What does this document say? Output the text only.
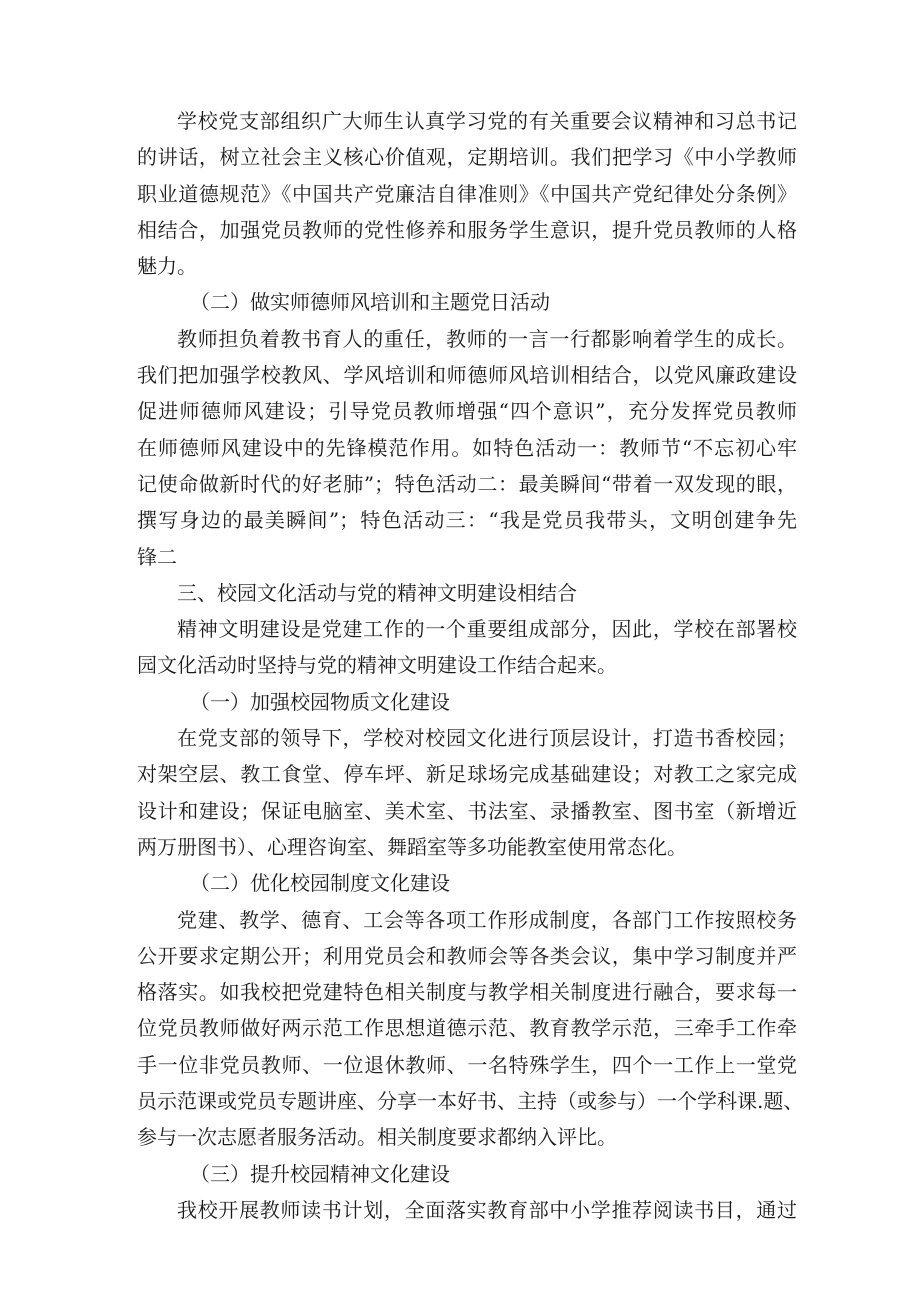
学校党支部组织广大师生认真学习党的有关重要会议精神和习总书记
的讲话，树立社会主义核心价值观，定期培训。我们把学习《中小学教师
职业道德规范》《中国共产党廉洁自律准则》《中国共产党纪律处分条例》
相结合，加强党员教师的党性修养和服务学生意识，提升党员教师的人格
魅力。
（二）做实师德师风培训和主题党日活动
教师担负着教书育人的重任，教师的一言一行都影响着学生的成长。
我们把加强学校教风、学风培训和师德师风培训相结合，以党风廉政建设
促进师德师风建设；引导党员教师增强“四个意识”，充分发挥党员教师
在师德师风建设中的先锋模范作用。如特色活动一：教师节“不忘初心牢
记使命做新时代的好老肺”；特色活动二：最美瞬间“带着一双发现的眼，
撰写身边的最美瞬间”；特色活动三：“我是党员我带头，文明创建争先
锋二
三、校园文化活动与党的精神文明建设相结合
精神文明建设是党建工作的一个重要组成部分，因此，学校在部署校
园文化活动时坚持与党的精神文明建设工作结合起来。
（一）加强校园物质文化建设
在党支部的领导下，学校对校园文化进行顶层设计，打造书香校园；
对架空层、教工食堂、停车坪、新足球场完成基础建设；对教工之家完成
设计和建设；保证电脑室、美术室、书法室、录播教室、图书室（新增近
两万册图书）、心理咨询室、舞蹈室等多功能教室使用常态化。
（二）优化校园制度文化建设
党建、教学、德育、工会等各项工作形成制度，各部门工作按照校务
公开要求定期公开；利用党员会和教师会等各类会议，集中学习制度并严
格落实。如我校把党建特色相关制度与教学相关制度进行融合，要求每一
位党员教师做好两示范工作思想道德示范、教育教学示范，三牵手工作牵
手一位非党员教师、一位退休教师、一名特殊学生，四个一工作上一堂党
员示范课或党员专题讲座、分享一本好书、主持（或参与）一个学科课.题、
参与一次志愿者服务活动。相关制度要求都纳入评比。
（三）提升校园精神文化建设
我校开展教师读书计划，全面落实教育部中小学推荐阅读书目，通过
